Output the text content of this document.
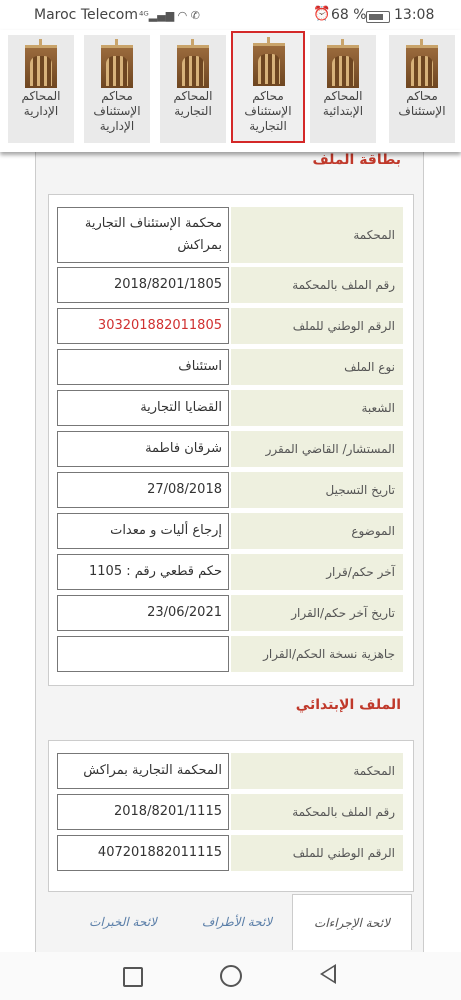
Maroc Telecom ⁴ᴳ▂▄▆ ◠ ✆	⏰ 68 % 13:08
محاكم الإستئناف
المحاكم الإبتدائية
محاكم الإستئناف التجارية
المحاكم التجارية
محاكم الإستئناف الإدارية
المحاكم الإدارية
بطاقة الملف
المحكمة
محكمة الإستئناف التجارية بمراكش
رقم الملف بالمحكمة
2018/8201/1805
الرقم الوطني للملف
303201882011805
نوع الملف
استئناف
الشعبة
القضايا التجارية
المستشار/ القاضي المقرر
شرقان فاطمة
تاريخ التسجيل
27/08/2018
الموضوع
إرجاع أليات و معدات
آخر حكم/قرار
حكم قطعي رقم : 1105
تاريخ آخر حكم/القرار
23/06/2021
جاهزية نسخة الحكم/القرار
الملف الإبتدائي
المحكمة
المحكمة التجارية بمراكش
رقم الملف بالمحكمة
2018/8201/1115
الرقم الوطني للملف
407201882011115
لائحة الإجراءات
لائحة الأطراف
لائحة الخبرات
